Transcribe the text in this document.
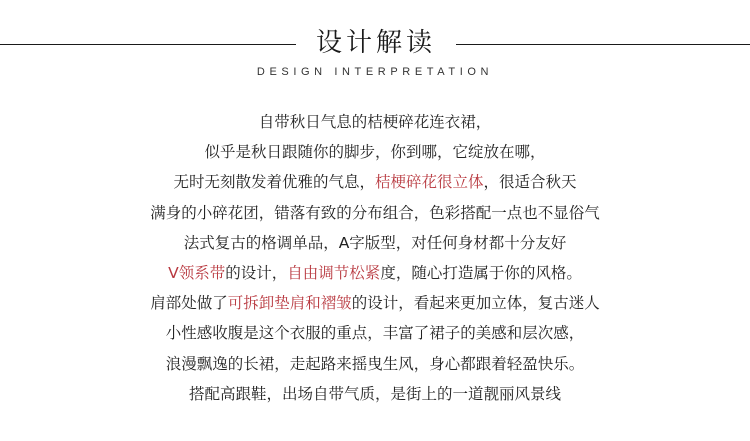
设计解读
DESIGN INTERPRETATION
自带秋日气息的桔梗碎花连衣裙，
似乎是秋日跟随你的脚步，你到哪，它绽放在哪，
无时无刻散发着优雅的气息，桔梗碎花很立体，很适合秋天
满身的小碎花团，错落有致的分布组合，色彩搭配一点也不显俗气
法式复古的格调单品，A字版型，对任何身材都十分友好
V领系带的设计，自由调节松紧度，随心打造属于你的风格。
肩部处做了可拆卸垫肩和褶皱的设计，看起来更加立体，复古迷人
小性感收腹是这个衣服的重点，丰富了裙子的美感和层次感，
浪漫飘逸的长裙，走起路来摇曳生风，身心都跟着轻盈快乐。
搭配高跟鞋，出场自带气质，是街上的一道靓丽风景线
